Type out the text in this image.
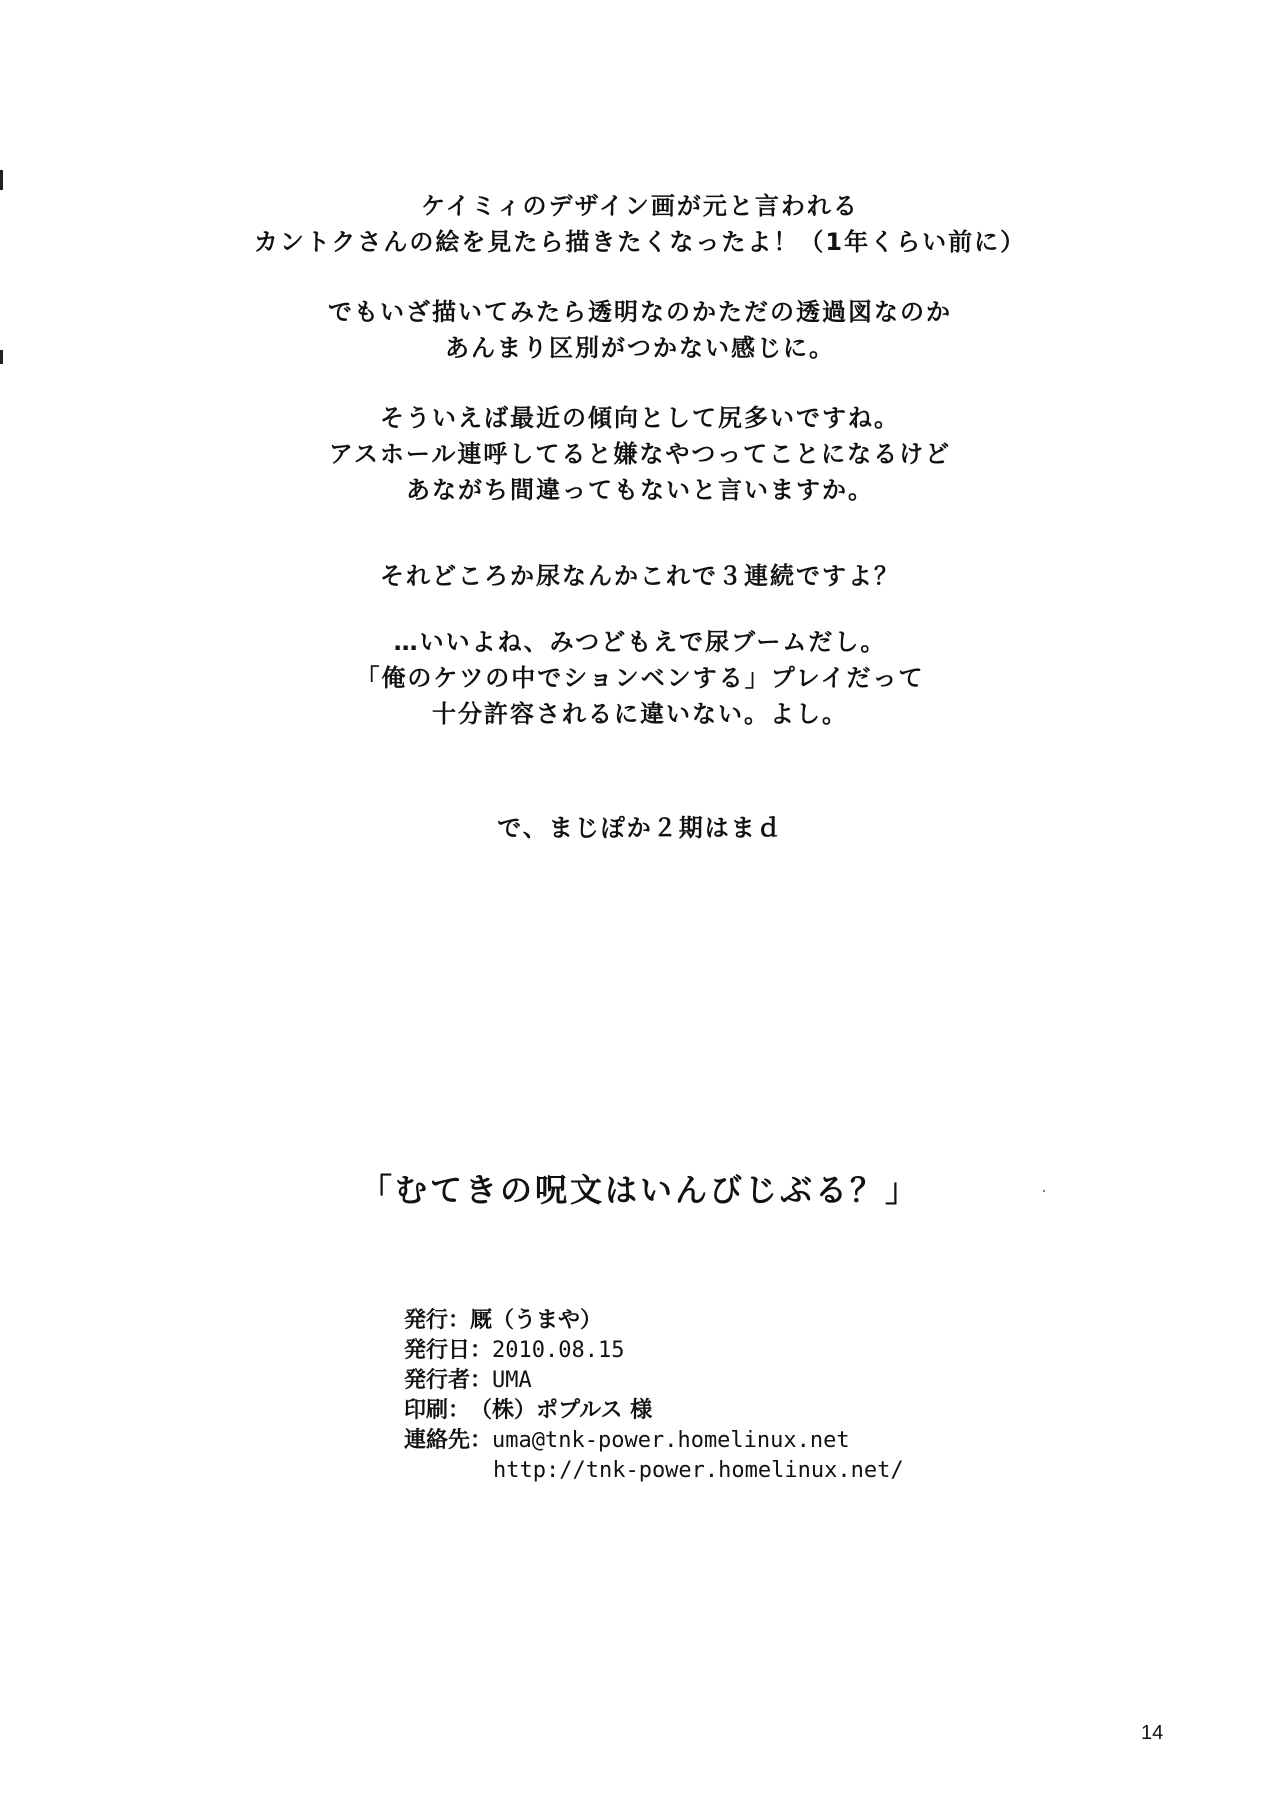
ケイミィのデザイン画が元と言われる
カントクさんの絵を見たら描きたくなったよ！（1年くらい前に）

でもいざ描いてみたら透明なのかただの透過図なのか
あんまり区別がつかない感じに。

そういえば最近の傾向として尻多いですね。
アスホール連呼してると嫌なやつってことになるけど
あながち間違ってもないと言いますか。

それどころか尿なんかこれで３連続ですよ？

…いいよね、みつどもえで尿ブームだし。
「俺のケツの中でションベンする」プレイだって
十分許容されるに違いない。よし。

で、まじぽか２期はまｄ

「むてきの呪文はいんびじぶる？」
発行： 厩（うまや）
発行日： 2010.08.15
発行者： UMA
印刷： （株）ポプルス 様
連絡先： uma@tnk-power.homelinux.net
http://tnk-power.homelinux.net/
14
